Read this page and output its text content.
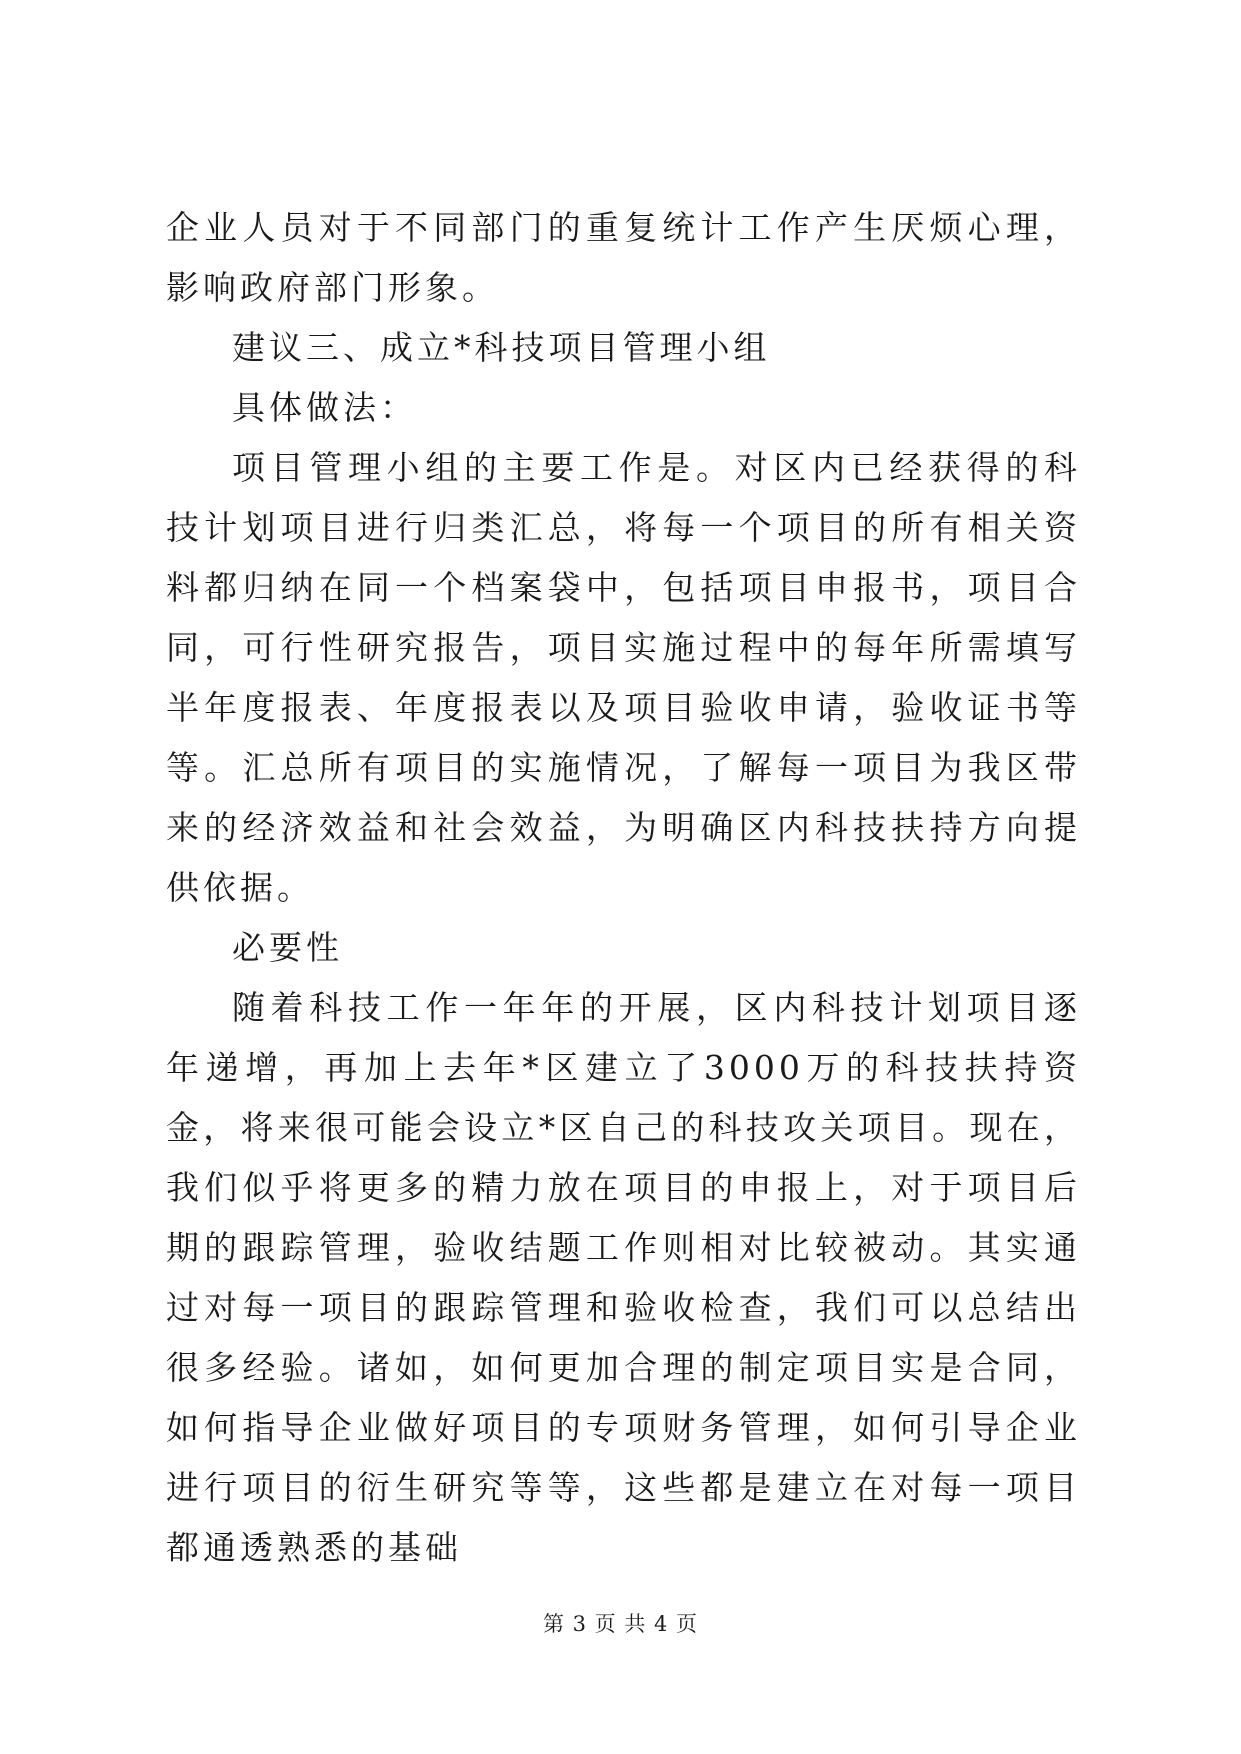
企业人员对于不同部门的重复统计工作产生厌烦心理，影响政府部门形象。

建议三、成立*科技项目管理小组

具体做法：

项目管理小组的主要工作是。对区内已经获得的科技计划项目进行归类汇总，将每一个项目的所有相关资料都归纳在同一个档案袋中，包括项目申报书，项目合同，可行性研究报告，项目实施过程中的每年所需填写半年度报表、年度报表以及项目验收申请，验收证书等等。汇总所有项目的实施情况，了解每一项目为我区带来的经济效益和社会效益，为明确区内科技扶持方向提供依据。

必要性

随着科技工作一年年的开展，区内科技计划项目逐年递增，再加上去年*区建立了3000万的科技扶持资金，将来很可能会设立*区自己的科技攻关项目。现在，我们似乎将更多的精力放在项目的申报上，对于项目后期的跟踪管理，验收结题工作则相对比较被动。其实通过对每一项目的跟踪管理和验收检查，我们可以总结出很多经验。诸如，如何更加合理的制定项目实是合同，如何指导企业做好项目的专项财务管理，如何引导企业进行项目的衍生研究等等，这些都是建立在对每一项目都通透熟悉的基础

第 3 页 共 4 页
